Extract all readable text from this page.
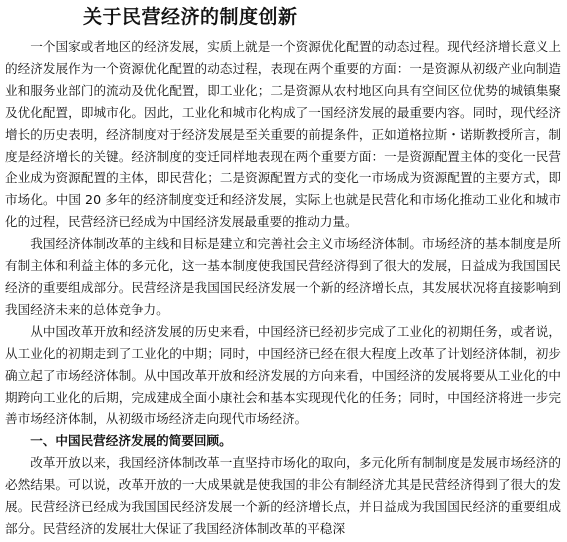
关于民营经济的制度创新

一个国家或者地区的经济发展，实质上就是一个资源优化配置的动态过程。现代经济增长意义上的经济发展作为一个资源优化配置的动态过程，表现在两个重要的方面：一是资源从初级产业向制造业和服务业部门的流动及优化配置，即工业化；二是资源从农村地区向具有空间区位优势的城镇集聚及优化配置，即城市化。因此，工业化和城市化构成了一国经济发展的最重要内容。同时，现代经济增长的历史表明，经济制度对于经济发展是至关重要的前提条件，正如道格拉斯・诺斯教授所言，制度是经济增长的关键。经济制度的变迁同样地表现在两个重要方面：一是资源配置主体的变化一民营企业成为资源配置的主体，即民营化；二是资源配置方式的变化一市场成为资源配置的主要方式，即市场化。中国 20 多年的经济制度变迁和经济发展，实际上也就是民营化和市场化推动工业化和城市化的过程，民营经济已经成为中国经济发展最重要的推动力量。

我国经济体制改革的主线和目标是建立和完善社会主义市场经济体制。市场经济的基本制度是所有制主体和利益主体的多元化，这一基本制度使我国民营经济得到了很大的发展，日益成为我国国民经济的重要组成部分。民营经济是我国国民经济发展一个新的经济增长点，其发展状况将直接影响到我国经济未来的总体竞争力。

从中国改革开放和经济发展的历史来看，中国经济已经初步完成了工业化的初期任务，或者说，从工业化的初期走到了工业化的中期；同时，中国经济已经在很大程度上改革了计划经济体制，初步确立起了市场经济体制。从中国改革开放和经济发展的方向来看，中国经济的发展将要从工业化的中期跨向工业化的后期，完成建成全面小康社会和基本实现现代化的任务；同时，中国经济将进一步完善市场经济体制，从初级市场经济走向现代市场经济。

一、中国民营经济发展的简要回顾。

改革开放以来，我国经济体制改革一直坚持市场化的取向，多元化所有制制度是发展市场经济的必然结果。可以说，改革开放的一大成果就是使我国的非公有制经济尤其是民营经济得到了很大的发展。民营经济已经成为我国国民经济发展一个新的经济增长点，并日益成为我国国民经济的重要组成部分。民营经济的发展壮大保证了我国经济体制改革的平稳深
